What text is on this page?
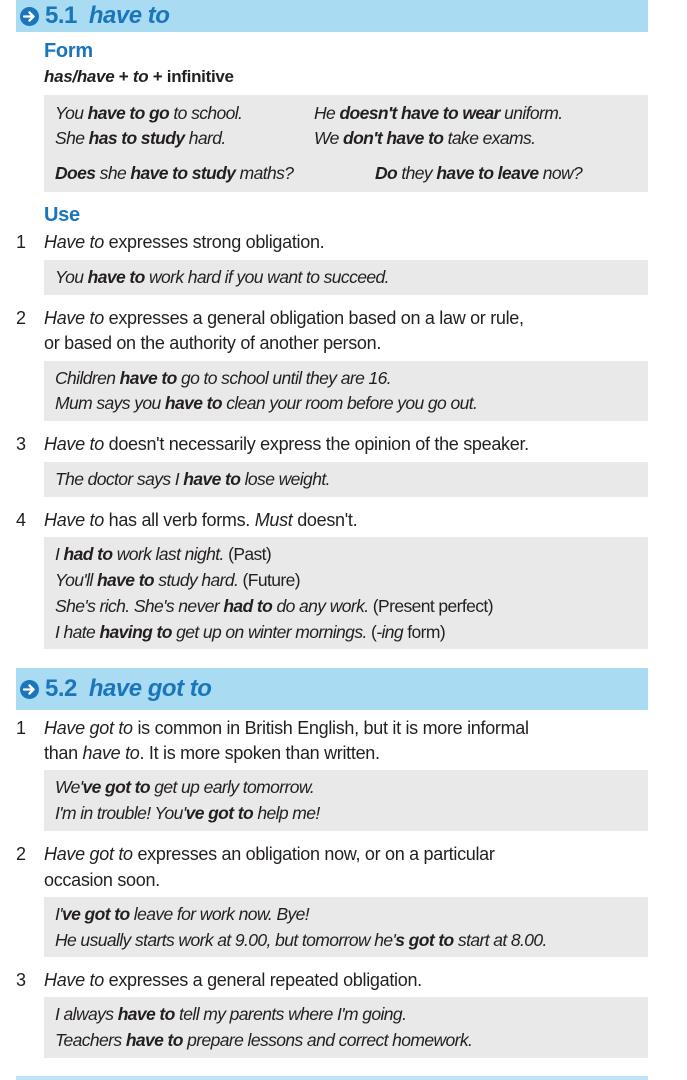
5.1 have to
Form
has/have + to + infinitive
You have to go to school.	He doesn't have to wear uniform.
She has to study hard.	We don't have to take exams.
Does she have to study maths?	Do they have to leave now?
Use
1	Have to expresses strong obligation.
You have to work hard if you want to succeed.
2	Have to expresses a general obligation based on a law or rule,
or based on the authority of another person.
Children have to go to school until they are 16.
Mum says you have to clean your room before you go out.
3	Have to doesn't necessarily express the opinion of the speaker.
The doctor says I have to lose weight.
4	Have to has all verb forms. Must doesn't.
I had to work last night. (Past)
You'll have to study hard. (Future)
She's rich. She's never had to do any work. (Present perfect)
I hate having to get up on winter mornings. (-ing form)
5.2 have got to
1	Have got to is common in British English, but it is more informal
than have to. It is more spoken than written.
We've got to get up early tomorrow.
I'm in trouble! You've got to help me!
2	Have got to expresses an obligation now, or on a particular
occasion soon.
I've got to leave for work now. Bye!
He usually starts work at 9.00, but tomorrow he's got to start at 8.00.
3	Have to expresses a general repeated obligation.
I always have to tell my parents where I'm going.
Teachers have to prepare lessons and correct homework.
